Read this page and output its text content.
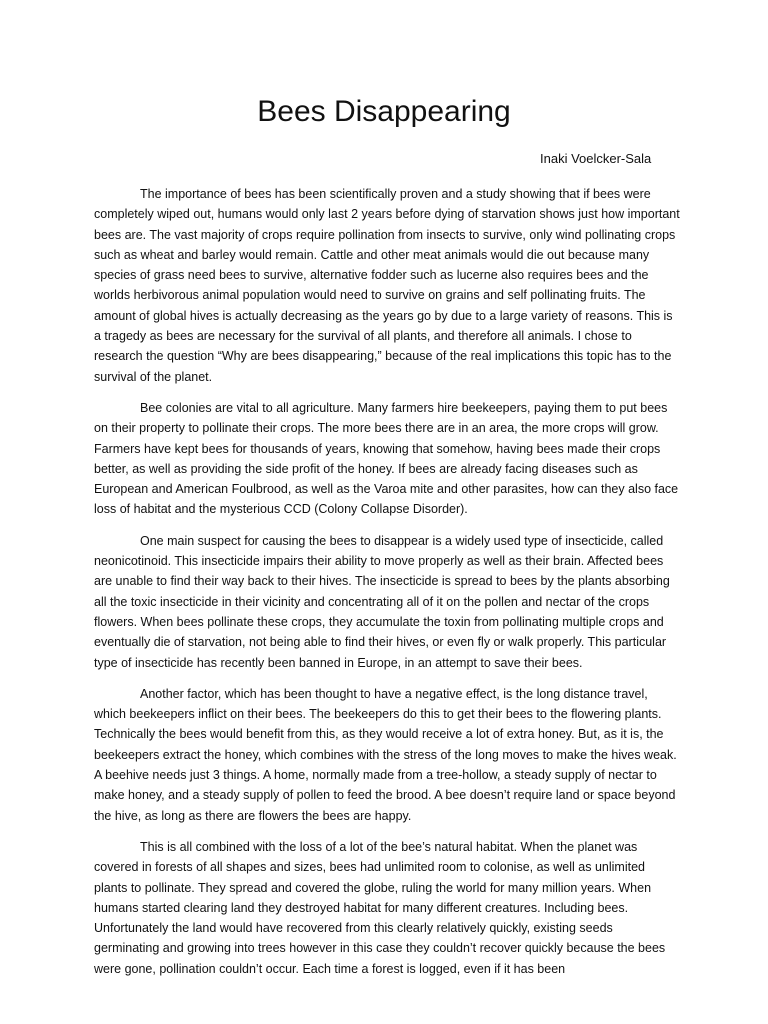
Bees Disappearing
Inaki Voelcker-Sala

The importance of bees has been scientifically proven and a study showing that if bees were completely wiped out, humans would only last 2 years before dying of starvation shows just how important bees are. The vast majority of crops require pollination from insects to survive, only wind pollinating crops such as wheat and barley would remain. Cattle and other meat animals would die out because many species of grass need bees to survive, alternative fodder such as lucerne also requires bees and the worlds herbivorous animal population would need to survive on grains and self pollinating fruits. The amount of global hives is actually decreasing as the years go by due to a large variety of reasons. This is a tragedy as bees are necessary for the survival of all plants, and therefore all animals. I chose to research the question “Why are bees disappearing,” because of the real implications this topic has to the survival of the planet.

Bee colonies are vital to all agriculture. Many farmers hire beekeepers, paying them to put bees on their property to pollinate their crops. The more bees there are in an area, the more crops will grow. Farmers have kept bees for thousands of years, knowing that somehow, having bees made their crops better, as well as providing the side profit of the honey. If bees are already facing diseases such as European and American Foulbrood, as well as the Varoa mite and other parasites, how can they also face loss of habitat and the mysterious CCD (Colony Collapse Disorder).

One main suspect for causing the bees to disappear is a widely used type of insecticide, called neonicotinoid. This insecticide impairs their ability to move properly as well as their brain. Affected bees are unable to find their way back to their hives. The insecticide is spread to bees by the plants absorbing all the toxic insecticide in their vicinity and concentrating all of it on the pollen and nectar of the crops flowers. When bees pollinate these crops, they accumulate the toxin from pollinating multiple crops and eventually die of starvation, not being able to find their hives, or even fly or walk properly. This particular type of insecticide has recently been banned in Europe, in an attempt to save their bees.

Another factor, which has been thought to have a negative effect, is the long distance travel, which beekeepers inflict on their bees. The beekeepers do this to get their bees to the flowering plants. Technically the bees would benefit from this, as they would receive a lot of extra honey. But, as it is, the beekeepers extract the honey, which combines with the stress of the long moves to make the hives weak. A beehive needs just 3 things. A home, normally made from a tree-hollow, a steady supply of nectar to make honey, and a steady supply of pollen to feed the brood. A bee doesn’t require land or space beyond the hive, as long as there are flowers the bees are happy.

This is all combined with the loss of a lot of the bee’s natural habitat. When the planet was covered in forests of all shapes and sizes, bees had unlimited room to colonise, as well as unlimited plants to pollinate. They spread and covered the globe, ruling the world for many million years. When humans started clearing land they destroyed habitat for many different creatures. Including bees. Unfortunately the land would have recovered from this clearly relatively quickly, existing seeds germinating and growing into trees however in this case they couldn’t recover quickly because the bees were gone, pollination couldn’t occur. Each time a forest is logged, even if it has been
